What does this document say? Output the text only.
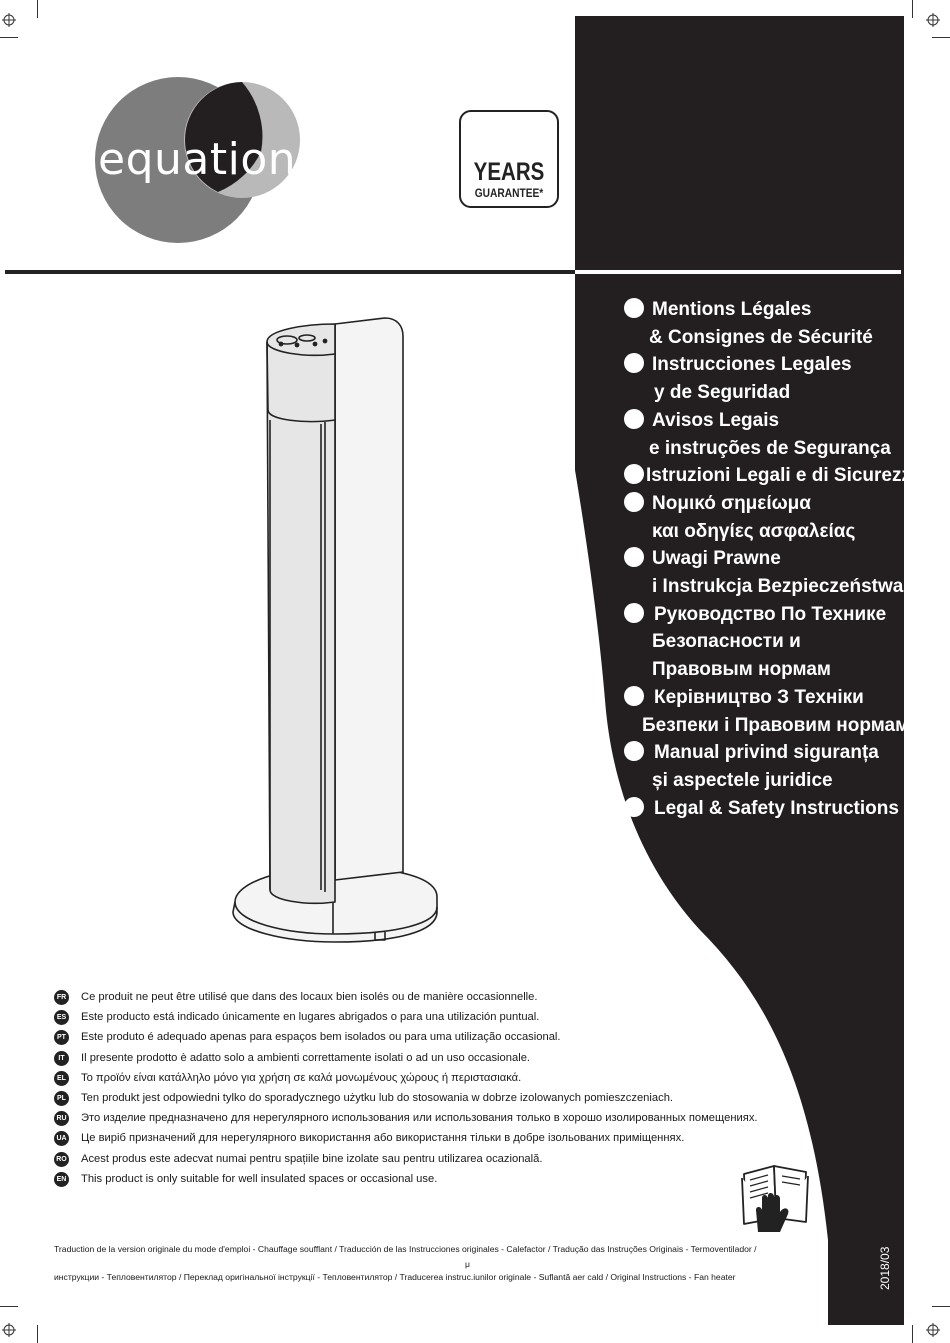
equation	YEARS
GUARANTEE*
Mentions Légales
& Consignes de Sécurité
Instrucciones Legales
y de Seguridad
Avisos Legais
e instruções de Segurança
Istruzioni Legali e di Sicurezza
Νομικό σημείωμα
και οδηγίες ασφαλείας
Uwagi Prawne
i Instrukcja Bezpieczeństwa
Руководство По Технике
Безопасности и
Правовым нормам
Керівництво З Техніки
Безпеки і Правовим нормам
Manual privind siguranța
și aspectele juridice
Legal & Safety Instructions
FR Ce produit ne peut être utilisé que dans des locaux bien isolés ou de manière occasionnelle.
ES Este producto está indicado únicamente en lugares abrigados o para una utilización puntual.
PT Este produto é adequado apenas para espaços bem isolados ou para uma utilização occasional.
IT	Il presente prodotto è adatto solo a ambienti correttamente isolati o ad un uso occasionale.
EL Το προϊόν είναι κατάλληλο μόνο για χρήση σε καλά μονωμένους χώρους ή περιστασιακά.
PL Ten produkt jest odpowiedni tylko do sporadycznego użytku lub do stosowania w dobrze izolowanych pomieszczeniach.
RU Это изделие предназначено для нерегулярного использования или использования только в хорошо изолированных помещениях.
UA Це виріб призначений для нерегулярного використання або використання тільки в добре ізольованих приміщеннях.
RO Acest produs este adecvat numai pentru spațiile bine izolate sau pentru utilizarea ocazională.
EN This product is only suitable for well insulated spaces or occasional use.
Traduction de la version originale du mode d'emploi - Chauffage soufflant / Traducción de las Instrucciones originales - Calefactor / Tradução das Instruções Originais - Termoventilador /
μ
инструкции - Тепловентилятор / Переклад оригінальної інструкції - Тепловентилятор / Traducerea instruc.iunilor originale - Suflantă aer cald / Original Instructions - Fan heater	2018/03
